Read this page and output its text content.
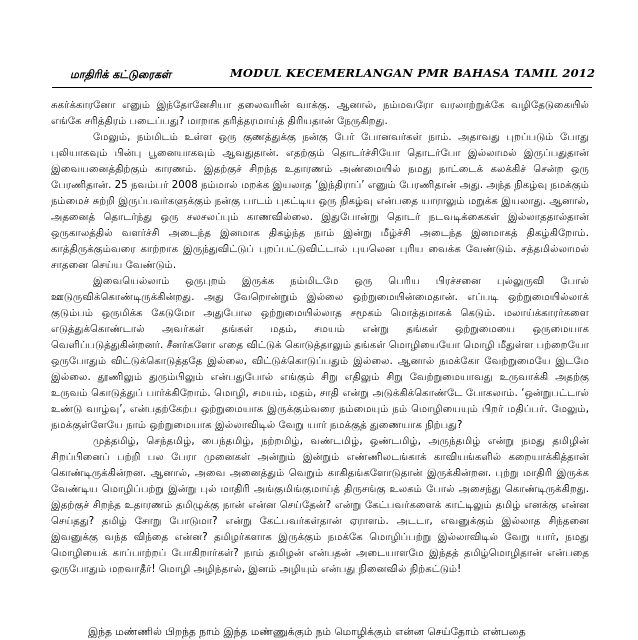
மாதிரிக் கட்டுரைகள்	MODUL KECEMERLANGAN PMR BAHASA TAMIL 2012

சுகர்க்காரனோ எனும் இந்தோனேசியா தலைவரின் வாக்கு. ஆனால், நம்மவரோ வரலாற்றுக்கே வழிதேடுகையில் எங்கே சரித்திரம் படைப்பது? மாறாக தரித்தரமாய்த் திரியதான் நேருகிறது.

மேலும், நம்மிடம் உள்ள ஒரு குணத்துக்கு நன்கு பேர் போனவர்கள் நாம். அதாவது புறப்படும் போது புலியாகவும் பின்பு பூனையாகவும் ஆவதுதான். எதற்கும் தொடர்ச்சியோ தொடர்போ இல்லாமல் இருப்பதுதான் இவையனைத்திற்கும் காரணம். இதற்குச் சிறந்த உதாரணம் அண்மையில் நமது நாட்டைக் கலக்கிச் சென்ற ஒரு பேரணிதான். 25 நவம்பர் 2008 நம்மால் மறக்க இயலாத ‘இந்திராப்’ எனும் பேரணிதான் அது. அந்த நிகழ்வு நமக்கும் நம்மைச் சுற்றி இருப்பவர்களுக்கும் நன்கு பாடம் புகட்டிய ஒரு நிகழ்வு என்பதை யாராலும் மறுக்க இயலாது. ஆனால், அதனைத் தொடர்ந்து ஒரு சலசலப்பும் காணவில்லை. இதுபோன்று தொடர் நடவடிக்கைகள் இல்லாததால்தான் ஒருகாலத்தில் வளர்ச்சி அடைந்த இனமாக திகழ்ந்த நாம் இன்று மீழ்ச்சி அடைந்த இனமாகத் திகழ்கிறோம். காத்திருக்கும்வரை காற்றாக இருந்துவிட்டுப் புறப்பட்டுவிட்டால் புயலென புரிய வைக்க வேண்டும். சத்தமில்லாமல் சாதனை செய்ய வேண்டும்.

இவையெல்லாம் ஒருபுறம் இருக்க நம்மிடமே ஒரு பெரிய பிரச்சனை புல்லுருவி போல் ஊடுருவிக்கொண்டிருக்கின்றது. அது வேறொன்றும் இல்லை ஒற்றுமையின்மைதான். எப்படி ஒற்றுமையில்லாக் குடும்பம் ஒருமிக்க கேடுமோ அதுபோல ஒற்றுமையில்லாத சமூகம் மொத்தமாகக் கெடும். மலாய்க்காரர்களை எடுத்துக்கொண்டால் அவர்கள் தங்கள் மதம், சமயம் என்று தங்கள் ஒற்றுமையை ஒருமையாக வெளிப்படுத்துகின்றனர். சீனர்களோ எதை விட்டுக் கொடுத்தாலும் தங்கள் மொழியையோ மொழி மீதுள்ள பற்றையோ ஒருபோதும் விட்டுக்கொடுத்ததே இல்லை, விட்டுக்கொடுப்பதும் இல்லை. ஆனால் நமக்கோ வேற்றுமையே இடமே இல்லை. தூணிலும் துரும்பிலும் என்பதுபோல் எங்கும் சிறு எதிலும் சிறு வேற்றுமையாவது உருவாக்கி அதற்கு உருவம் கொடுத்துப் பார்க்கிறோம். மொழி, சமயம், மதம், சாதி என்று அடுக்கிக்கொண்டே போகலாம். ‘ஒன்றுபட்டால் உண்டு வாழ்வு’, என்பதற்கேற்ப ஒற்றுமையாக இருக்கும்வரை நம்மையும் நம் மொழியையும் பிறர் மதிப்பர். மேலும், நமக்குள்ளேயே நாம் ஒற்றுமையாக இல்லாவிடில் வேறு யார் நமக்குத் துணையாக நிற்பது?

முத்தமிழ், செந்தமிழ், பைந்தமிழ், நற்றமிழ், வண்டமிழ், ஒண்டமிழ், அருந்தமிழ் என்று நமது தமிழின் சிறப்பினைப் பற்றி பல பேரா முனைகள் அன்றும் இன்றும் எண்ணிலடங்காக் காவியங்களில் கறையாக்கித்தான் கொண்டிருக்கின்றன. ஆனால், அவை அனைத்தும் வெறும் காகிதங்களோடுதான் இருக்கின்றன. புற்று மாதிரி இருக்க வேண்டிய மொழிப்பற்று இன்று புல் மாதிரி அங்குமிங்குமாய்த் திருசங்கு உலகம் போல் அசைந்து கொண்டிருக்கிறது. இதற்குச் சிறந்த உதாரணம் தமிழுக்கு நான் என்ன செய்தேன்? என்று கேட்பவர்களைக் காட்டிலும் தமிழ் எனக்கு என்ன செய்தது? தமிழ் சோறு போடுமா? என்று கேட்பவர்கள்தான் ஏராளம். அடடா, எவனுக்கும் இல்லாத சிந்தனை இவனுக்கு வந்த விந்தை என்ன? தமிழர்களாக இருக்கும் நமக்கே மொழிப்பற்று இல்லாவிடில் வேறு யார், நமது மொழியைக் காப்பாற்றப் போகிறார்கள்? நாம் தமிழன் என்பதன் அடையாளமே இந்தத் தமிழ்மொழிதான் என்பதை ஒருபோதும் மறவாதீர்! மொழி அழிந்தால், இனம் அழியும் என்பது நினைவில் நிற்கட்டும்!

இந்த மண்ணில் பிறந்த நாம் இந்த மண்ணுக்கும் நம் மொழிக்கும் என்ன செய்தோம் என்பதை
